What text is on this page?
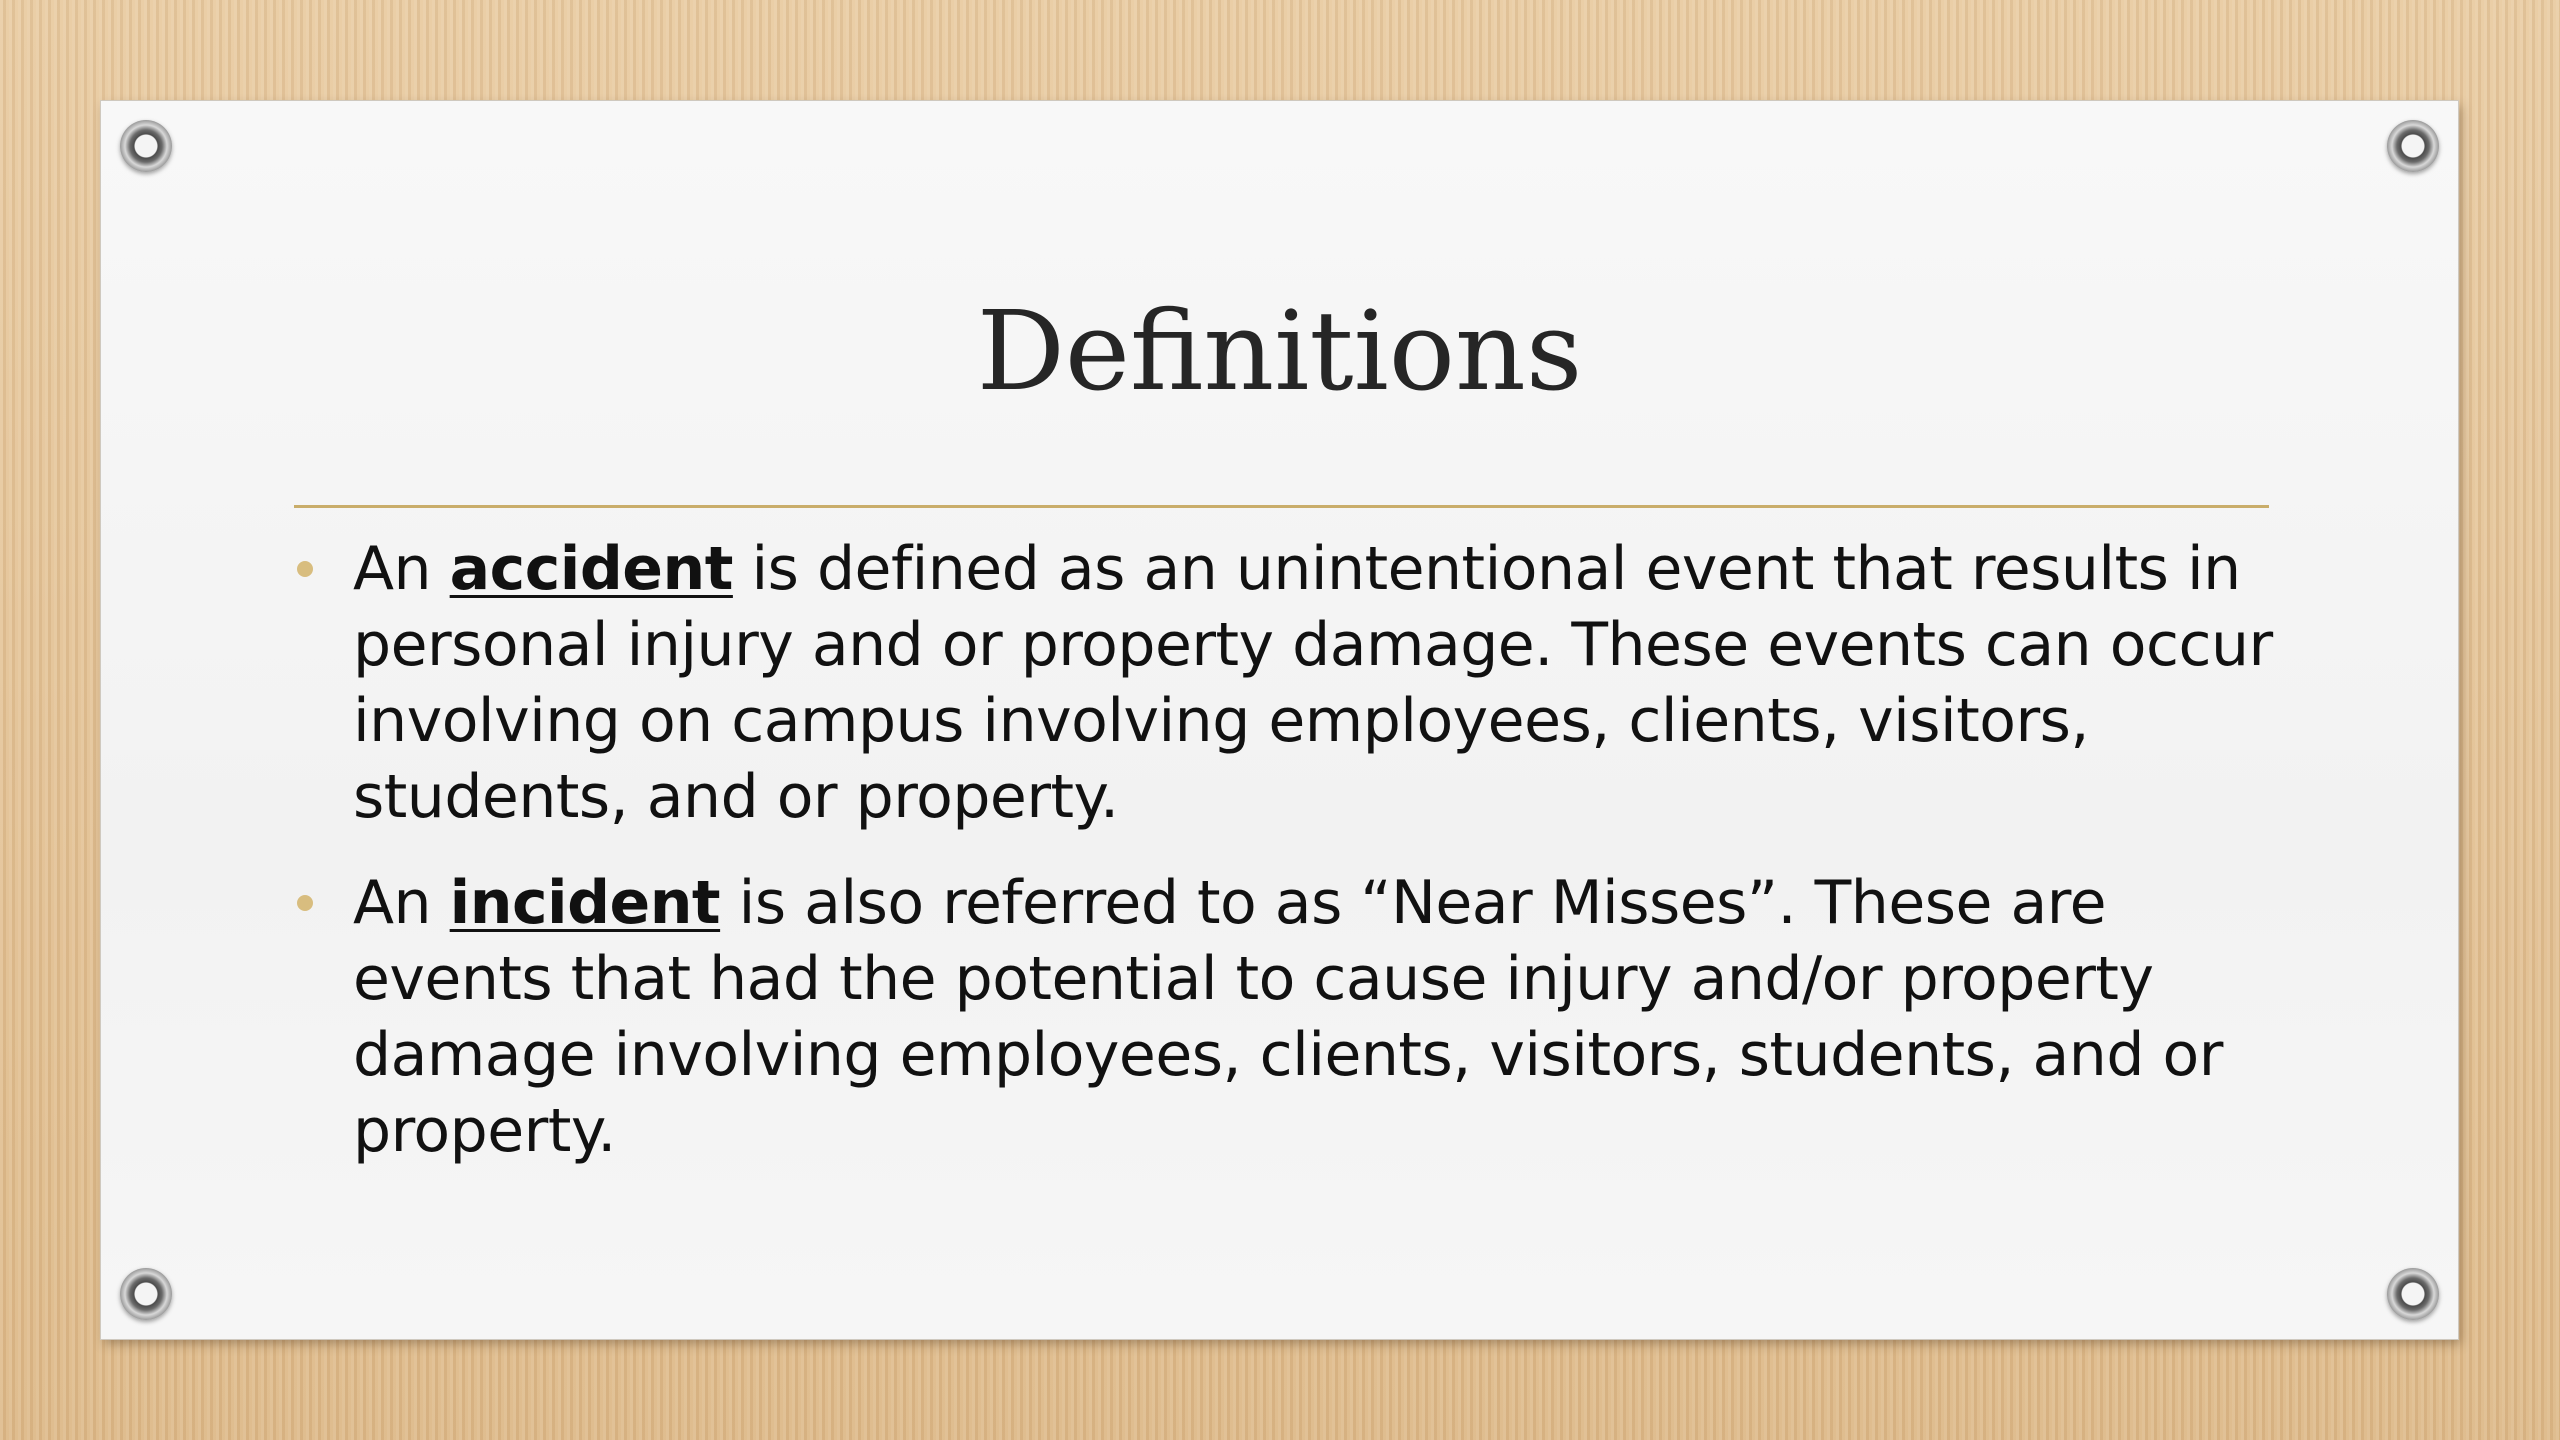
Definitions
An accident is defined as an unintentional event that results in personal injury and or property damage. These events can occur involving on campus involving employees, clients, visitors, students, and or property.
An incident is also referred to as “Near Misses”. These are events that had the potential to cause injury and/or property damage involving employees, clients, visitors, students, and or property.
